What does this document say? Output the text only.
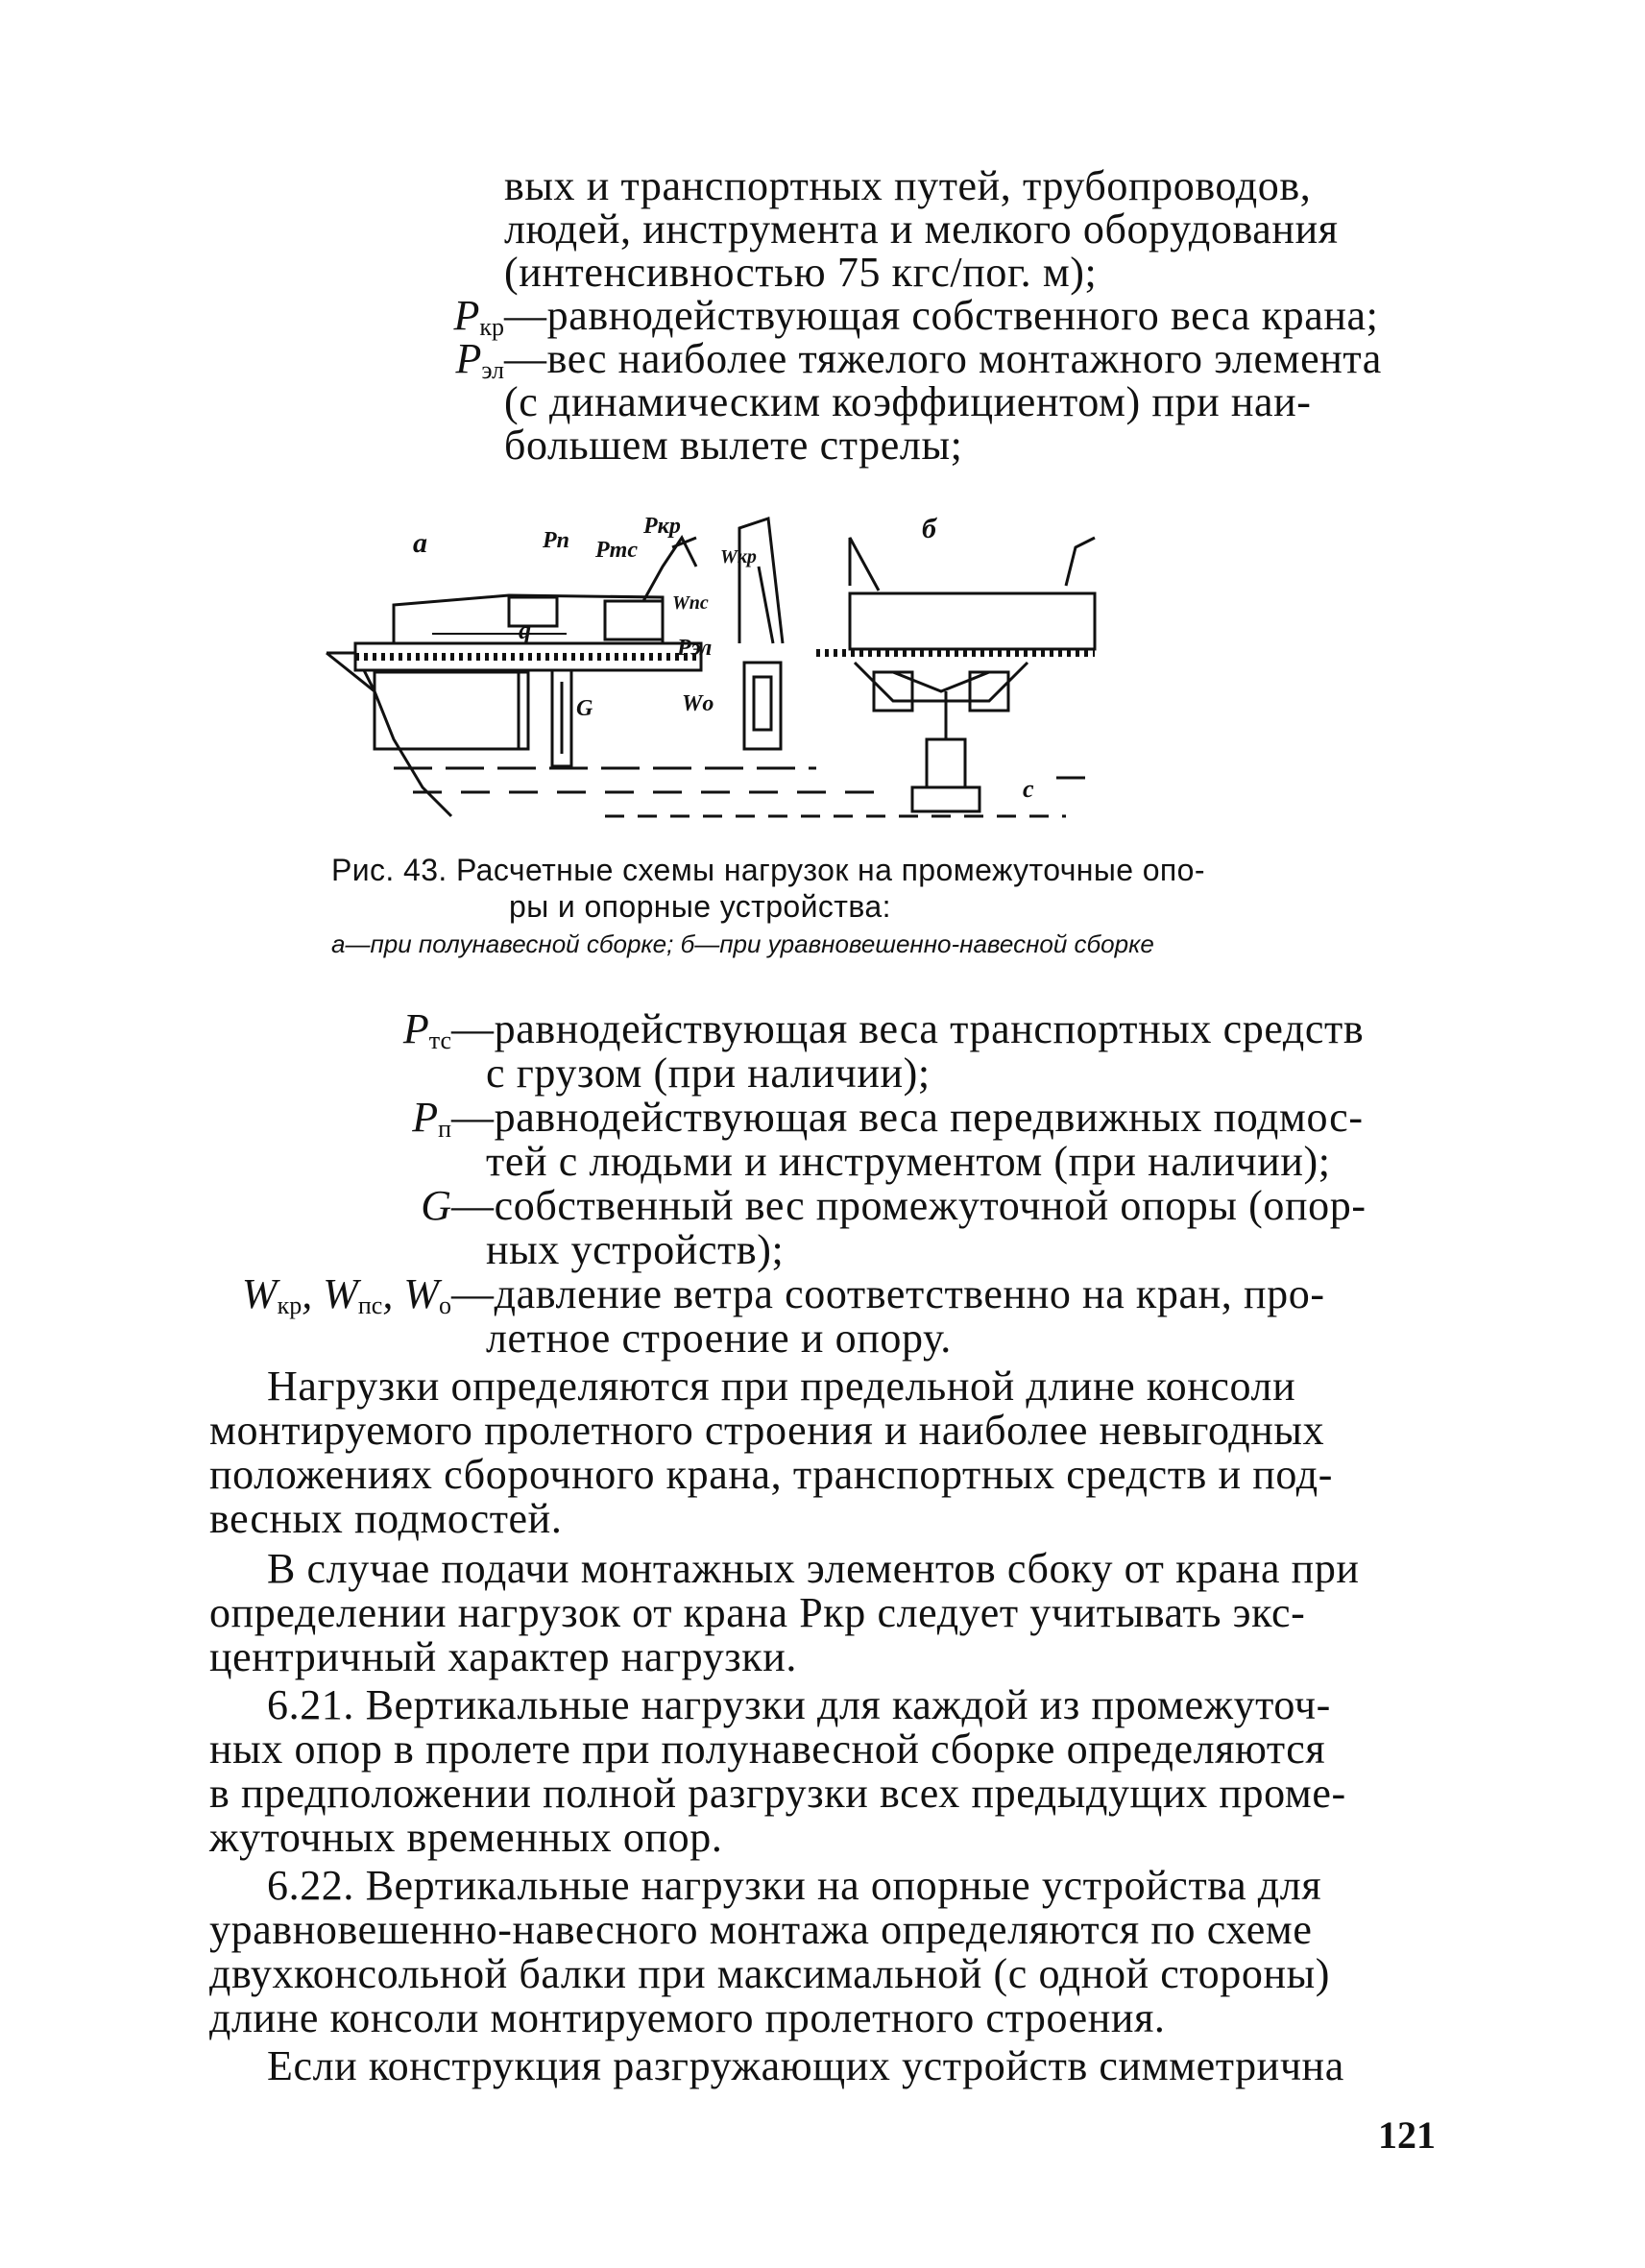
вых и транспортных путей, трубопроводов,
людей, инструмента и мелкого оборудования
(интенсивностью 75 кгс/пог. м);
$P_{кр}$ —равнодействующая собственного веса крана;
$P_{эл}$ —вес наиболее тяжелого монтажного элемента
(с динамическим коэффициентом) при наи-
большем вылете стрелы;
а	б
Pп Pтс
Pкр
q
Pэл
Wкр
Wпс
Wо
G
c
Рис. 43. Расчетные схемы нагрузок на промежуточные опо-
ры и опорные устройства:
а—при полунавесной сборке; б—при уравновешенно-навесной сборке
$P_{тс}$ —равнодействующая веса транспортных средств
с грузом (при наличии);
$P_п$ —равнодействующая веса передвижных подмос-
тей с людьми и инструментом (при наличии);
G —собственный вес промежуточной опоры (опор-
ных устройств);
$W_{кр}$, $W_{пс}$, $W_о$ —давление ветра соответственно на кран, про-
летное строение и опору.
Нагрузки определяются при предельной длине консоли
монтируемого пролетного строения и наиболее невыгодных
положениях сборочного крана, транспортных средств и под-
весных подмостей.
В случае подачи монтажных элементов сбоку от крана при
определении нагрузок от крана Pкр следует учитывать экс-
центричный характер нагрузки.
6.21. Вертикальные нагрузки для каждой из промежуточ-
ных опор в пролете при полунавесной сборке определяются
в предположении полной разгрузки всех предыдущих проме-
жуточных временных опор.
6.22. Вертикальные нагрузки на опорные устройства для
уравновешенно-навесного монтажа определяются по схеме
двухконсольной балки при максимальной (с одной стороны)
длине консоли монтируемого пролетного строения.
Если конструкция разгружающих устройств симметрична
121
